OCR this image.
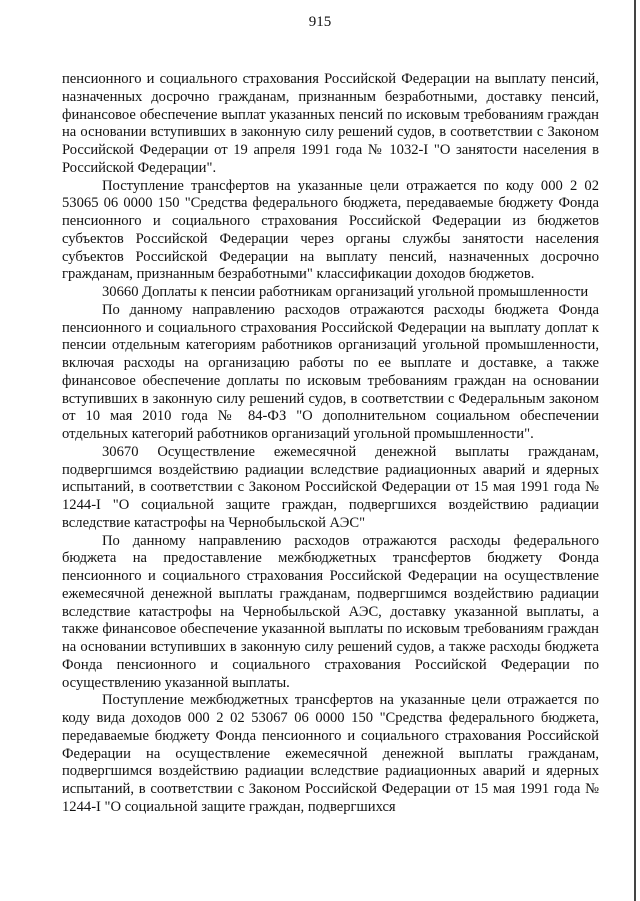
915

пенсионного и социального страхования Российской Федерации на выплату пенсий, назначенных досрочно гражданам, признанным безработными, доставку пенсий, финансовое обеспечение выплат указанных пенсий по исковым требованиям граждан на основании вступивших в законную силу решений судов, в соответствии с Законом Российской Федерации от 19 апреля 1991 года № 1032-I "О занятости населения в Российской Федерации".

Поступление трансфертов на указанные цели отражается по коду 000 2 02 53065 06 0000 150 "Средства федерального бюджета, передаваемые бюджету Фонда пенсионного и социального страхования Российской Федерации из бюджетов субъектов Российской Федерации через органы службы занятости населения субъектов Российской Федерации на выплату пенсий, назначенных досрочно гражданам, признанным безработными" классификации доходов бюджетов.

30660 Доплаты к пенсии работникам организаций угольной промышленности

По данному направлению расходов отражаются расходы бюджета Фонда пенсионного и социального страхования Российской Федерации на выплату доплат к пенсии отдельным категориям работников организаций угольной промышленности, включая расходы на организацию работы по ее выплате и доставке, а также финансовое обеспечение доплаты по исковым требованиям граждан на основании вступивших в законную силу решений судов, в соответствии с Федеральным законом от 10 мая 2010 года № 84-ФЗ "О дополнительном социальном обеспечении отдельных категорий работников организаций угольной промышленности".

30670 Осуществление ежемесячной денежной выплаты гражданам, подвергшимся воздействию радиации вследствие радиационных аварий и ядерных испытаний, в соответствии с Законом Российской Федерации от 15 мая 1991 года № 1244-I "О социальной защите граждан, подвергшихся воздействию радиации вследствие катастрофы на Чернобыльской АЭС"

По данному направлению расходов отражаются расходы федерального бюджета на предоставление межбюджетных трансфертов бюджету Фонда пенсионного и социального страхования Российской Федерации на осуществление ежемесячной денежной выплаты гражданам, подвергшимся воздействию радиации вследствие катастрофы на Чернобыльской АЭС, доставку указанной выплаты, а также финансовое обеспечение указанной выплаты по исковым требованиям граждан на основании вступивших в законную силу решений судов, а также расходы бюджета Фонда пенсионного и социального страхования Российской Федерации по осуществлению указанной выплаты.

Поступление межбюджетных трансфертов на указанные цели отражается по коду вида доходов 000 2 02 53067 06 0000 150 "Средства федерального бюджета, передаваемые бюджету Фонда пенсионного и социального страхования Российской Федерации на осуществление ежемесячной денежной выплаты гражданам, подвергшимся воздействию радиации вследствие радиационных аварий и ядерных испытаний, в соответствии с Законом Российской Федерации от 15 мая 1991 года № 1244-I "О социальной защите граждан, подвергшихся
